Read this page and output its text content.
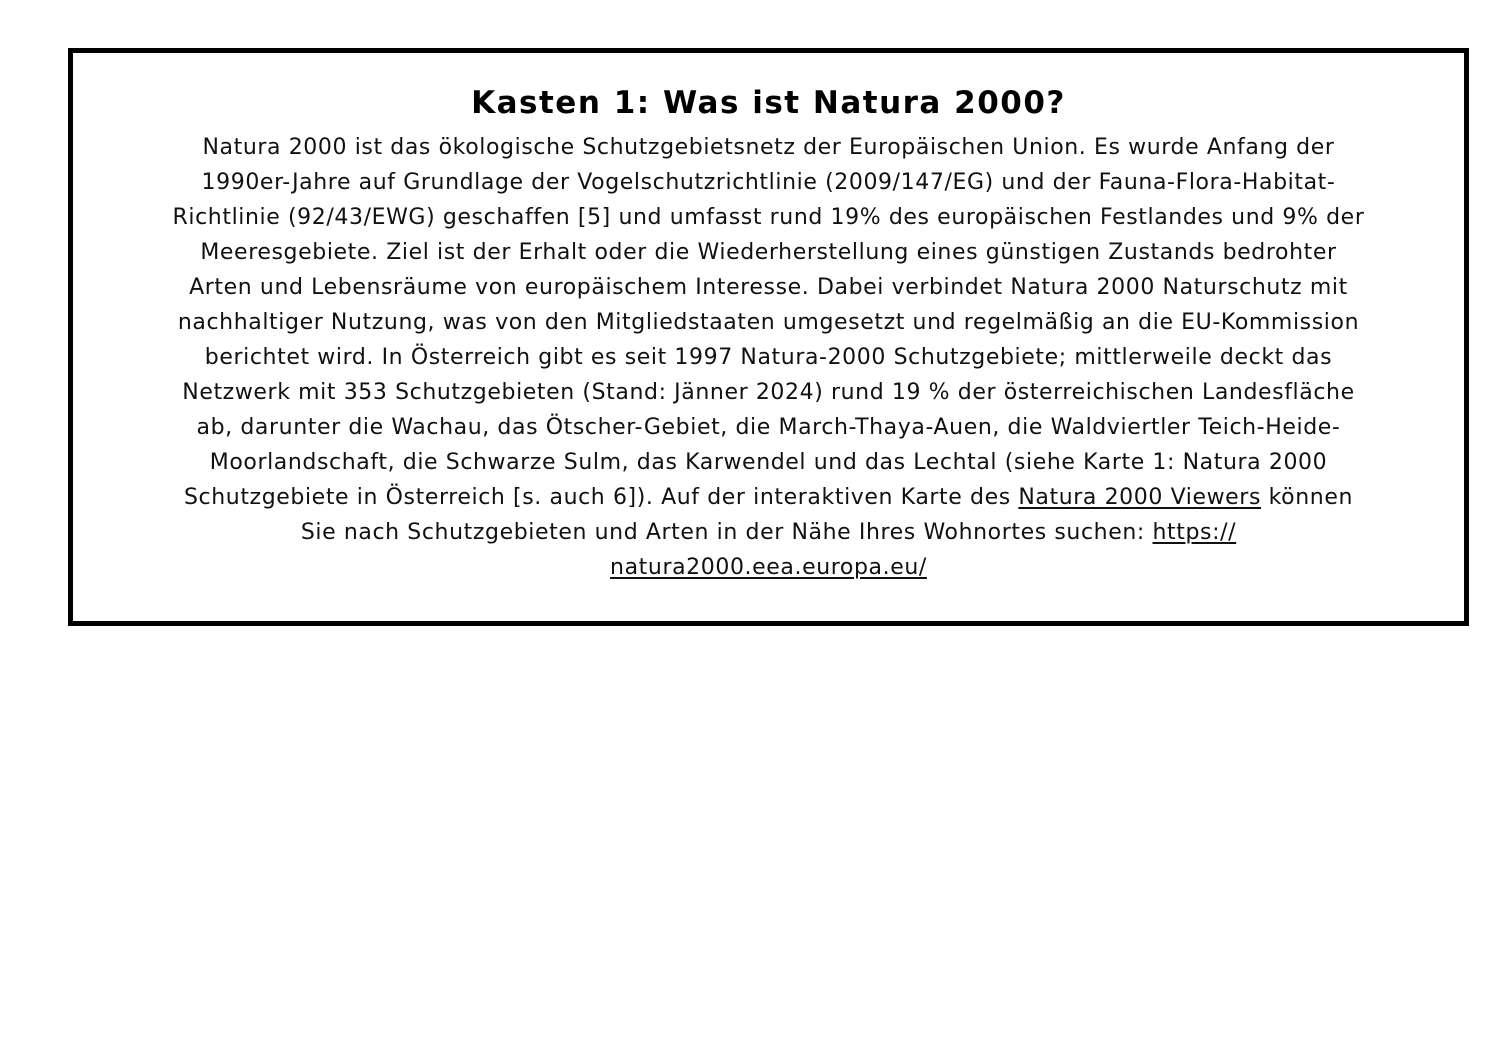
Kasten 1: Was ist Natura 2000?
Natura 2000 ist das ökologische Schutzgebietsnetz der Europäischen Union. Es wurde Anfang der
1990er-Jahre auf Grundlage der Vogelschutzrichtlinie (2009/147/EG) und der Fauna-Flora-Habitat-
Richtlinie (92/43/EWG) geschaffen [5] und umfasst rund 19% des europäischen Festlandes und 9% der
Meeresgebiete. Ziel ist der Erhalt oder die Wiederherstellung eines günstigen Zustands bedrohter
Arten und Lebensräume von europäischem Interesse. Dabei verbindet Natura 2000 Naturschutz mit
nachhaltiger Nutzung, was von den Mitgliedstaaten umgesetzt und regelmäßig an die EU-Kommission
berichtet wird. In Österreich gibt es seit 1997 Natura-2000 Schutzgebiete; mittlerweile deckt das
Netzwerk mit 353 Schutzgebieten (Stand: Jänner 2024) rund 19 % der österreichischen Landesfläche
ab, darunter die Wachau, das Ötscher-Gebiet, die March-Thaya-Auen, die Waldviertler Teich-Heide-
Moorlandschaft, die Schwarze Sulm, das Karwendel und das Lechtal (siehe Karte 1: Natura 2000
Schutzgebiete in Österreich [s. auch 6]). Auf der interaktiven Karte des Natura 2000 Viewers können
Sie nach Schutzgebieten und Arten in der Nähe Ihres Wohnortes suchen: https://
natura2000.eea.europa.eu/
